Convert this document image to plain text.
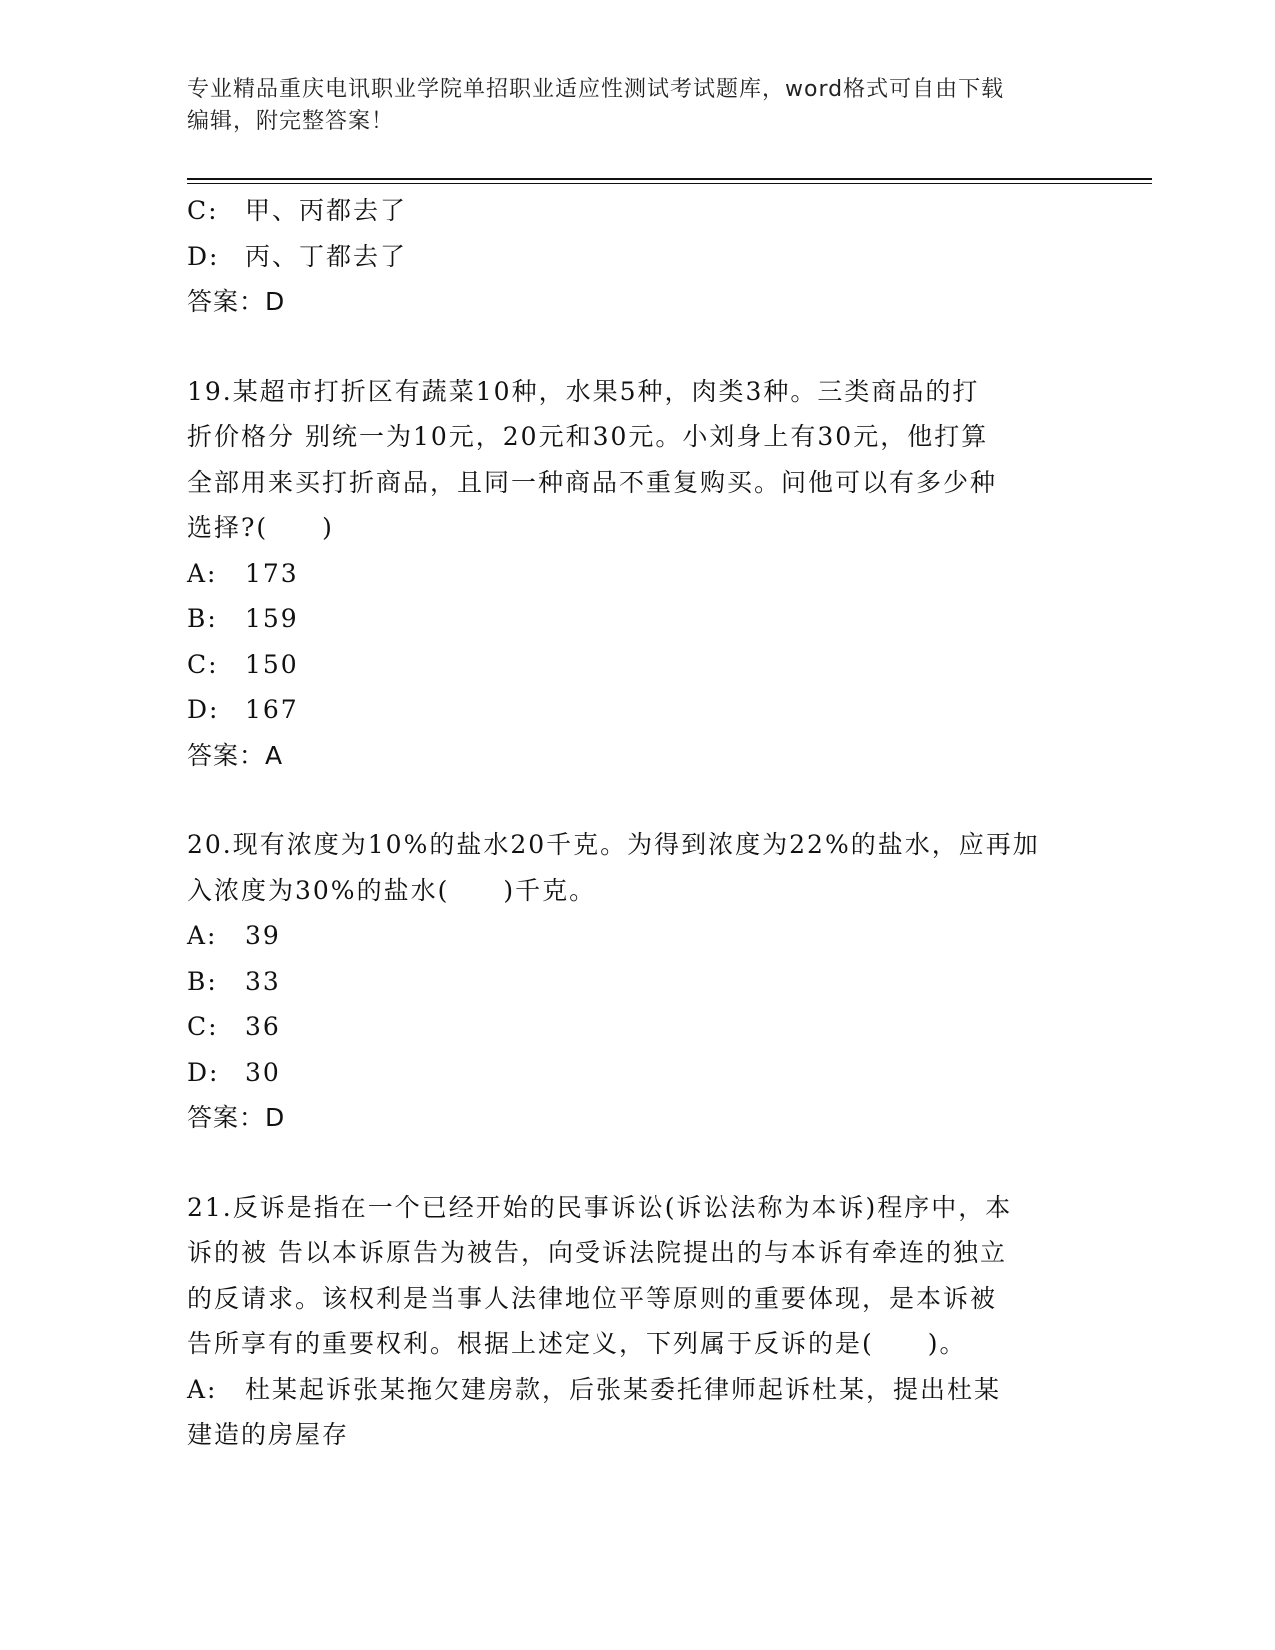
专业精品重庆电讯职业学院单招职业适应性测试考试题库，word格式可自由下载
编辑，附完整答案！
C:	甲、丙都去了
D:	丙、丁都去了
答案：D
19.某超市打折区有蔬菜10种，水果5种，肉类3种。三类商品的打
折价格分 别统一为10元，20元和30元。小刘身上有30元，他打算
全部用来买打折商品，且同一种商品不重复购买。问他可以有多少种
选择?(　　)
A:	173
B:	159
C:	150
D:	167
答案：A
20.现有浓度为10%的盐水20千克。为得到浓度为22%的盐水，应再加
入浓度为30%的盐水(　　)千克。
A:	39
B:	33
C:	36
D:	30
答案：D
21.反诉是指在一个已经开始的民事诉讼(诉讼法称为本诉)程序中，本
诉的被 告以本诉原告为被告，向受诉法院提出的与本诉有牵连的独立
的反请求。该权利是当事人法律地位平等原则的重要体现，是本诉被
告所享有的重要权利。根据上述定义，下列属于反诉的是(　　)。
A:	杜某起诉张某拖欠建房款，后张某委托律师起诉杜某，提出杜某
建造的房屋存
